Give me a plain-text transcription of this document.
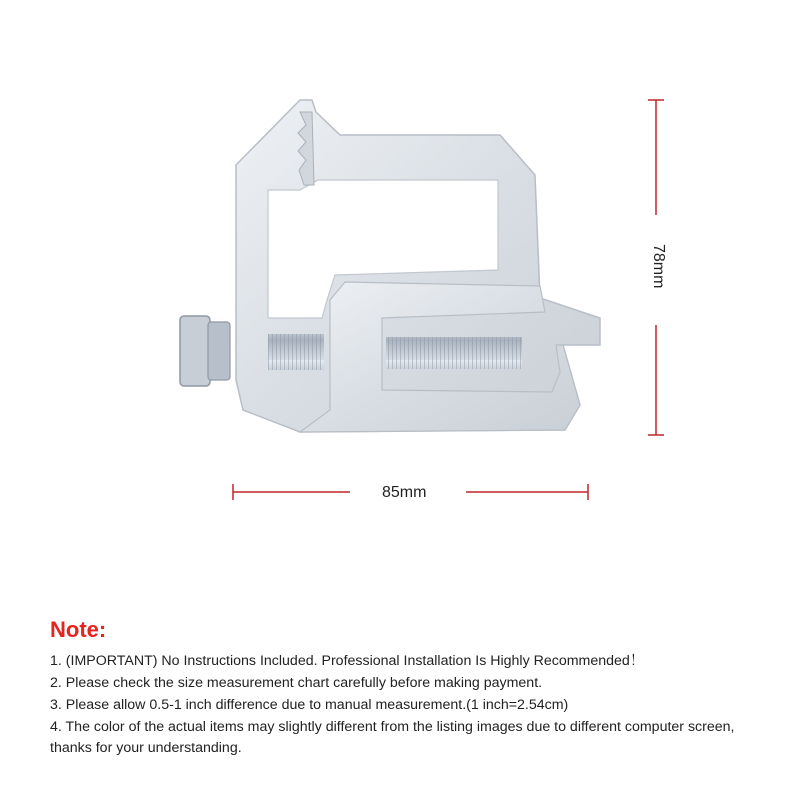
85mm
78mm
Note:

1. (IMPORTANT) No Instructions Included. Professional Installation Is Highly Recommended！

2. Please check the size measurement chart carefully before making payment.

3. Please allow 0.5-1 inch difference due to manual measurement.(1 inch=2.54cm)

4. The color of the actual items may slightly different from the listing images due to different computer screen, thanks for your understanding.
